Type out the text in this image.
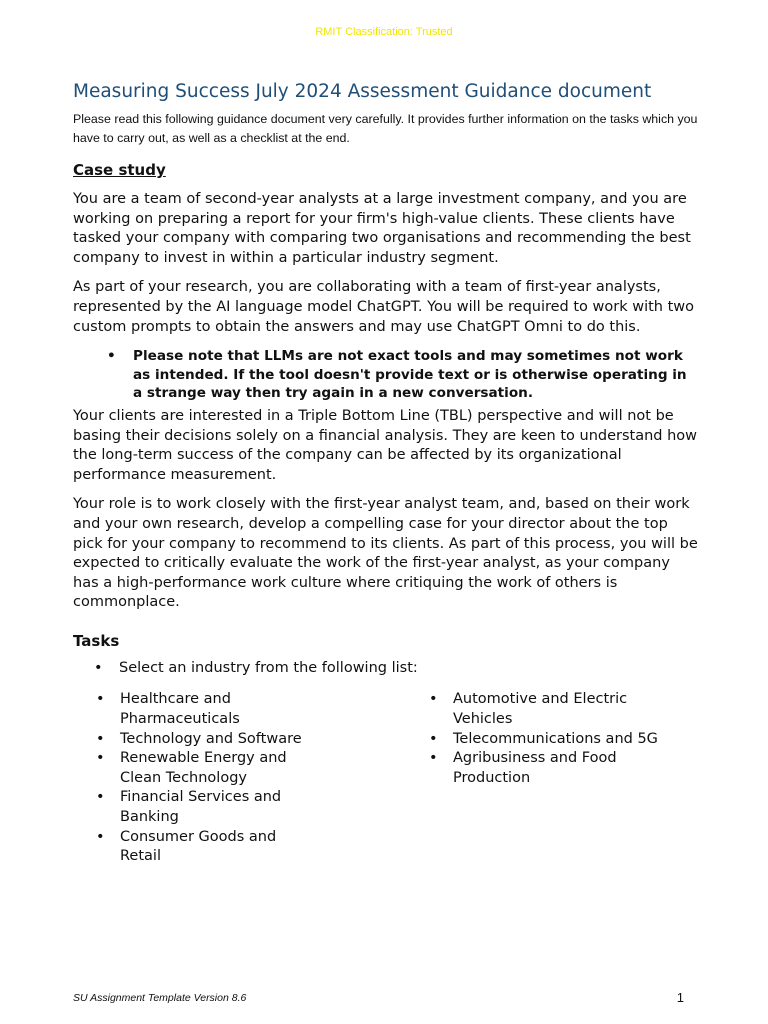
RMIT Classification: Trusted
Measuring Success July 2024 Assessment Guidance document

Please read this following guidance document very carefully. It provides further information on the tasks which you have to carry out, as well as a checklist at the end.

Case study

You are a team of second-year analysts at a large investment company, and you are working on preparing a report for your firm's high-value clients. These clients have tasked your company with comparing two organisations and recommending the best company to invest in within a particular industry segment.

As part of your research, you are collaborating with a team of first-year analysts, represented by the AI language model ChatGPT. You will be required to work with two custom prompts to obtain the answers and may use ChatGPT Omni to do this.

• Please note that LLMs are not exact tools and may sometimes not work as intended. If the tool doesn't provide text or is otherwise operating in a strange way then try again in a new conversation.

Your clients are interested in a Triple Bottom Line (TBL) perspective and will not be basing their decisions solely on a financial analysis. They are keen to understand how the long-term success of the company can be affected by its organizational performance measurement.

Your role is to work closely with the first-year analyst team, and, based on their work and your own research, develop a compelling case for your director about the top pick for your company to recommend to its clients. As part of this process, you will be expected to critically evaluate the work of the first-year analyst, as your company has a high-performance work culture where critiquing the work of others is commonplace.

Tasks
• Select an industry from the following list:
• Healthcare and Pharmaceuticals
• Technology and Software
• Renewable Energy and Clean Technology
• Financial Services and Banking
• Consumer Goods and Retail
• Automotive and Electric Vehicles
• Telecommunications and 5G
• Agribusiness and Food Production
SU Assignment Template Version 8.6	1
